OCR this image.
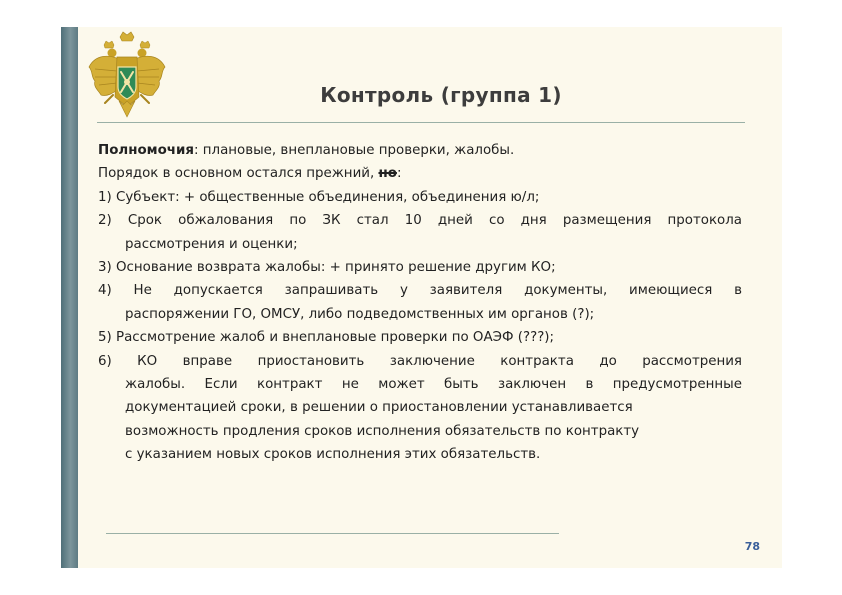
Контроль (группа 1)

Полномочия: плановые, внеплановые проверки, жалобы.

Порядок в основном остался прежний, но:

1) Субъект: + общественные объединения, объединения ю/л;

2) Срок обжалования по ЗК стал 10 дней со дня размещения протокола

рассмотрения и оценки;

3) Основание возврата жалобы: + принято решение другим КО;

4) Не допускается запрашивать у заявителя документы, имеющиеся в

распоряжении ГО, ОМСУ, либо подведомственных им органов (?);

5) Рассмотрение жалоб и внеплановые проверки по ОАЭФ (???);

6) КО вправе приостановить заключение контракта до рассмотрения

жалобы. Если контракт не может быть заключен в предусмотренные

документацией сроки, в решении о приостановлении устанавливается

возможность продления сроков исполнения обязательств по контракту

с указанием новых сроков исполнения этих обязательств.

78
